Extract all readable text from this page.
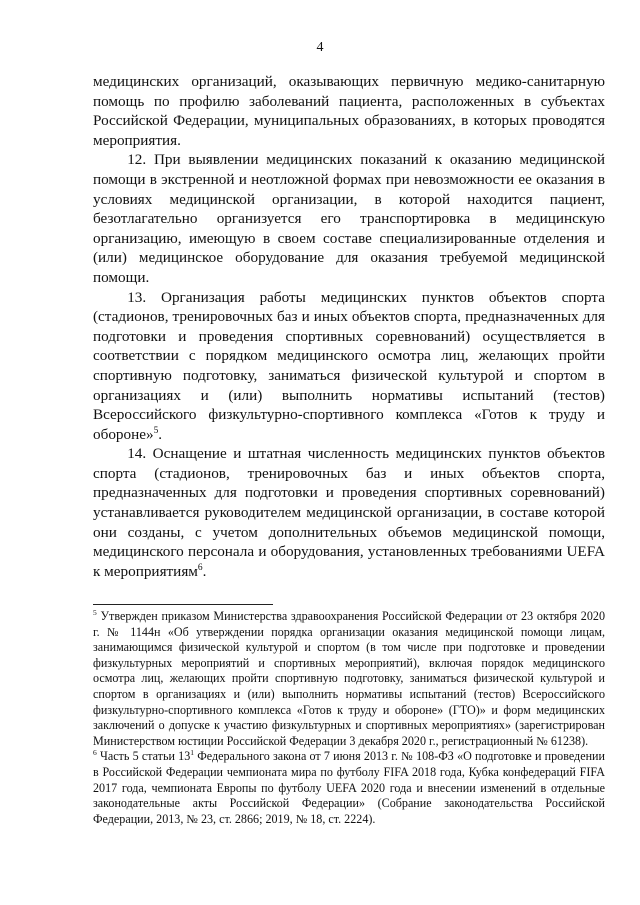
4

медицинских организаций, оказывающих первичную медико-санитарную помощь по профилю заболеваний пациента, расположенных в субъектах Российской Федерации, муниципальных образованиях, в которых проводятся мероприятия.

12. При выявлении медицинских показаний к оказанию медицинской помощи в экстренной и неотложной формах при невозможности ее оказания в условиях медицинской организации, в которой находится пациент, безотлагательно организуется его транспортировка в медицинскую организацию, имеющую в своем составе специализированные отделения и (или) медицинское оборудование для оказания требуемой медицинской помощи.

13. Организация работы медицинских пунктов объектов спорта (стадионов, тренировочных баз и иных объектов спорта, предназначенных для подготовки и проведения спортивных соревнований) осуществляется в соответствии с порядком медицинского осмотра лиц, желающих пройти спортивную подготовку, заниматься физической культурой и спортом в организациях и (или) выполнить нормативы испытаний (тестов) Всероссийского физкультурно-спортивного комплекса «Готов к труду и обороне»$^5$.

14. Оснащение и штатная численность медицинских пунктов объектов спорта (стадионов, тренировочных баз и иных объектов спорта, предназначенных для подготовки и проведения спортивных соревнований) устанавливается руководителем медицинской организации, в составе которой они созданы, с учетом дополнительных объемов медицинской помощи, медицинского персонала и оборудования, установленных требованиями UEFA к мероприятиям$^6$.

$^5$ Утвержден приказом Министерства здравоохранения Российской Федерации от 23 октября 2020 г. № 1144н «Об утверждении порядка организации оказания медицинской помощи лицам, занимающимся физической культурой и спортом (в том числе при подготовке и проведении физкультурных мероприятий и спортивных мероприятий), включая порядок медицинского осмотра лиц, желающих пройти спортивную подготовку, заниматься физической культурой и спортом в организациях и (или) выполнить нормативы испытаний (тестов) Всероссийского физкультурно-спортивного комплекса «Готов к труду и обороне» (ГТО)» и форм медицинских заключений о допуске к участию физкультурных и спортивных мероприятиях» (зарегистрирован Министерством юстиции Российской Федерации 3 декабря 2020 г., регистрационный № 61238).

$^6$ Часть 5 статьи $13^1$ Федерального закона от 7 июня 2013 г. № 108-ФЗ «О подготовке и проведении в Российской Федерации чемпионата мира по футболу FIFA 2018 года, Кубка конфедераций FIFA 2017 года, чемпионата Европы по футболу UEFA 2020 года и внесении изменений в отдельные законодательные акты Российской Федерации» (Собрание законодательства Российской Федерации, 2013, № 23, ст. 2866; 2019, № 18, ст. 2224).
